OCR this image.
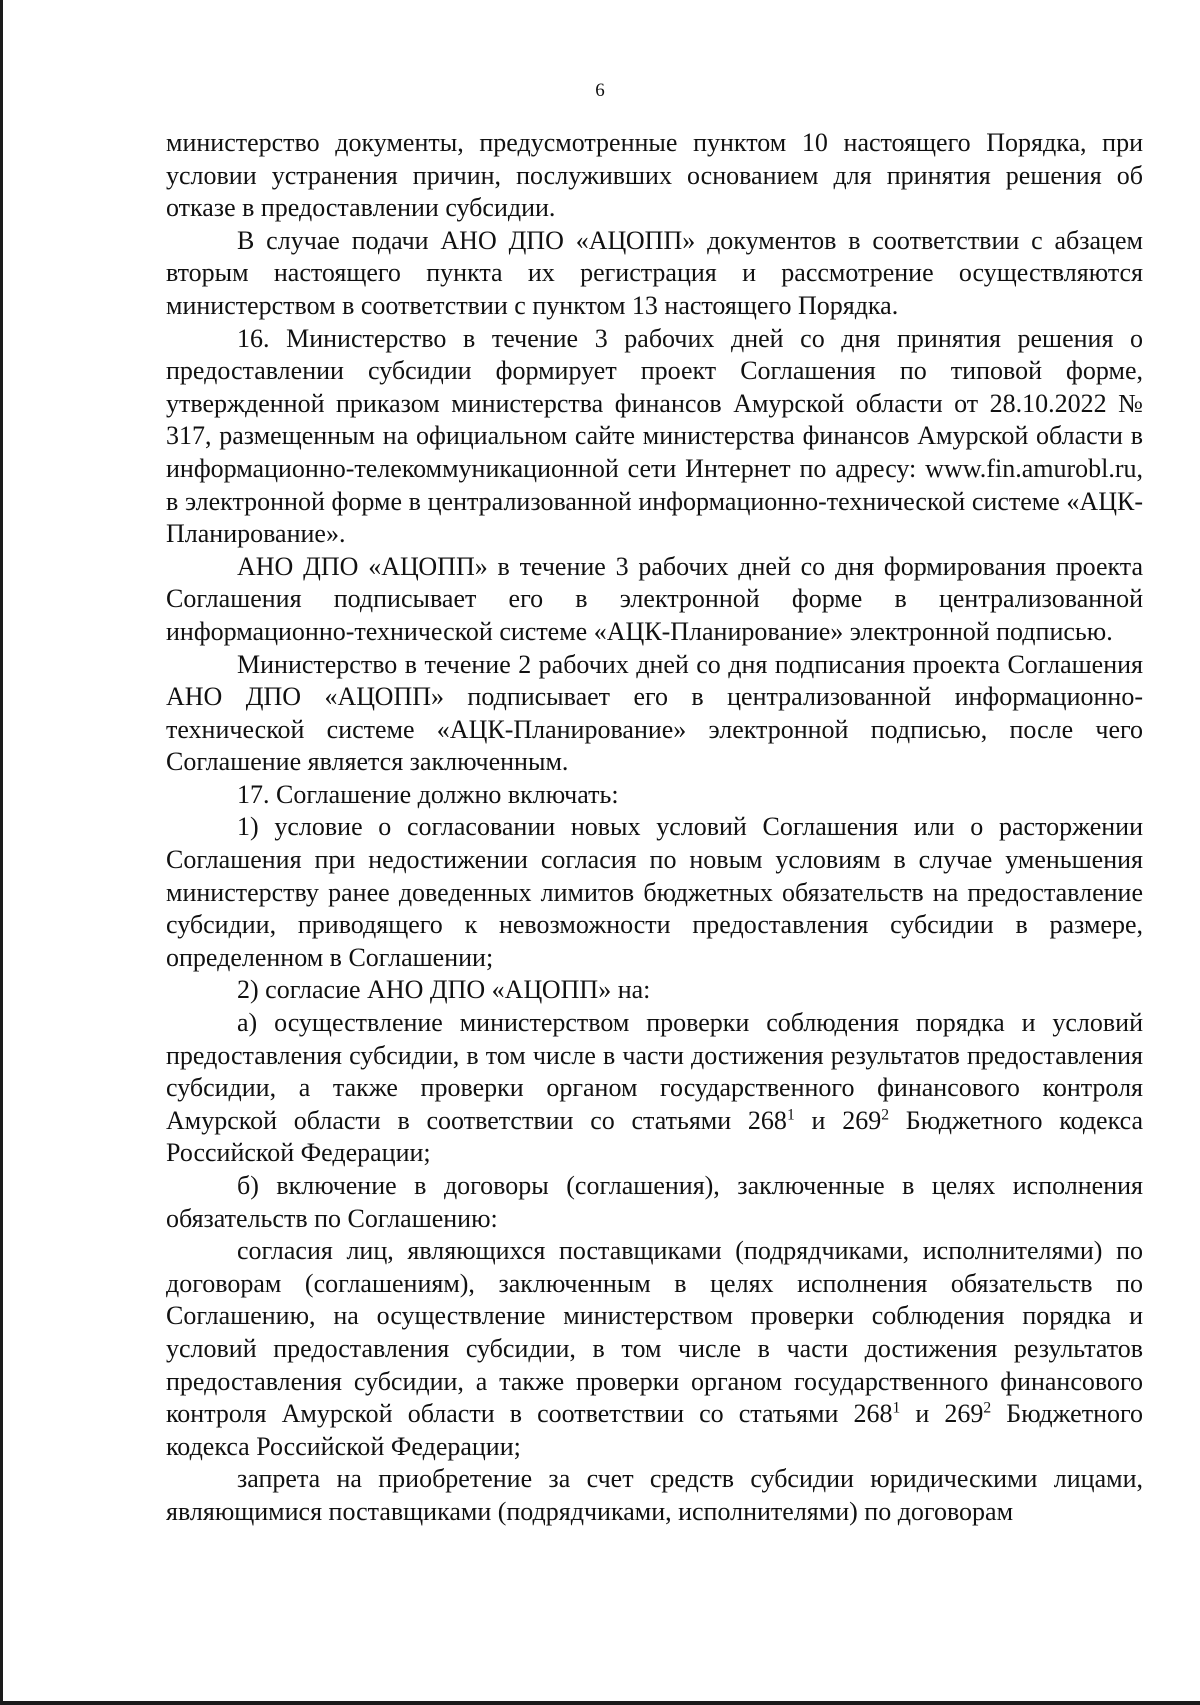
6

министерство документы, предусмотренные пунктом 10 настоящего Порядка, при условии устранения причин, послуживших основанием для принятия решения об отказе в предоставлении субсидии.

В случае подачи АНО ДПО «АЦОПП» документов в соответствии с абзацем вторым настоящего пункта их регистрация и рассмотрение осуществляются министерством в соответствии с пунктом 13 настоящего Порядка.

16. Министерство в течение 3 рабочих дней со дня принятия решения о предоставлении субсидии формирует проект Соглашения по типовой форме, утвержденной приказом министерства финансов Амурской области от 28.10.2022 № 317, размещенным на официальном сайте министерства финансов Амурской области в информационно-телекоммуникационной сети Интернет по адресу: www.fin.amurobl.ru, в электронной форме в централизованной информационно-технической системе «АЦК-Планирование».

АНО ДПО «АЦОПП» в течение 3 рабочих дней со дня формирования проекта Соглашения подписывает его в электронной форме в централизованной информационно-технической системе «АЦК-Планирование» электронной подписью.

Министерство в течение 2 рабочих дней со дня подписания проекта Соглашения АНО ДПО «АЦОПП» подписывает его в централизованной информационно-технической системе «АЦК-Планирование» электронной подписью, после чего Соглашение является заключенным.

17. Соглашение должно включать:

1) условие о согласовании новых условий Соглашения или о расторжении Соглашения при недостижении согласия по новым условиям в случае уменьшения министерству ранее доведенных лимитов бюджетных обязательств на предоставление субсидии, приводящего к невозможности предоставления субсидии в размере, определенном в Соглашении;

2) согласие АНО ДПО «АЦОПП» на:

а) осуществление министерством проверки соблюдения порядка и условий предоставления субсидии, в том числе в части достижения результатов предоставления субсидии, а также проверки органом государственного финансового контроля Амурской области в соответствии со статьями $268^1$ и $269^2$ Бюджетного кодекса Российской Федерации;

б) включение в договоры (соглашения), заключенные в целях исполнения обязательств по Соглашению:

согласия лиц, являющихся поставщиками (подрядчиками, исполнителями) по договорам (соглашениям), заключенным в целях исполнения обязательств по Соглашению, на осуществление министерством проверки соблюдения порядка и условий предоставления субсидии, в том числе в части достижения результатов предоставления субсидии, а также проверки органом государственного финансового контроля Амурской области в соответствии со статьями $268^1$ и $269^2$ Бюджетного кодекса Российской Федерации;

запрета на приобретение за счет средств субсидии юридическими лицами, являющимися поставщиками (подрядчиками, исполнителями) по договорам
